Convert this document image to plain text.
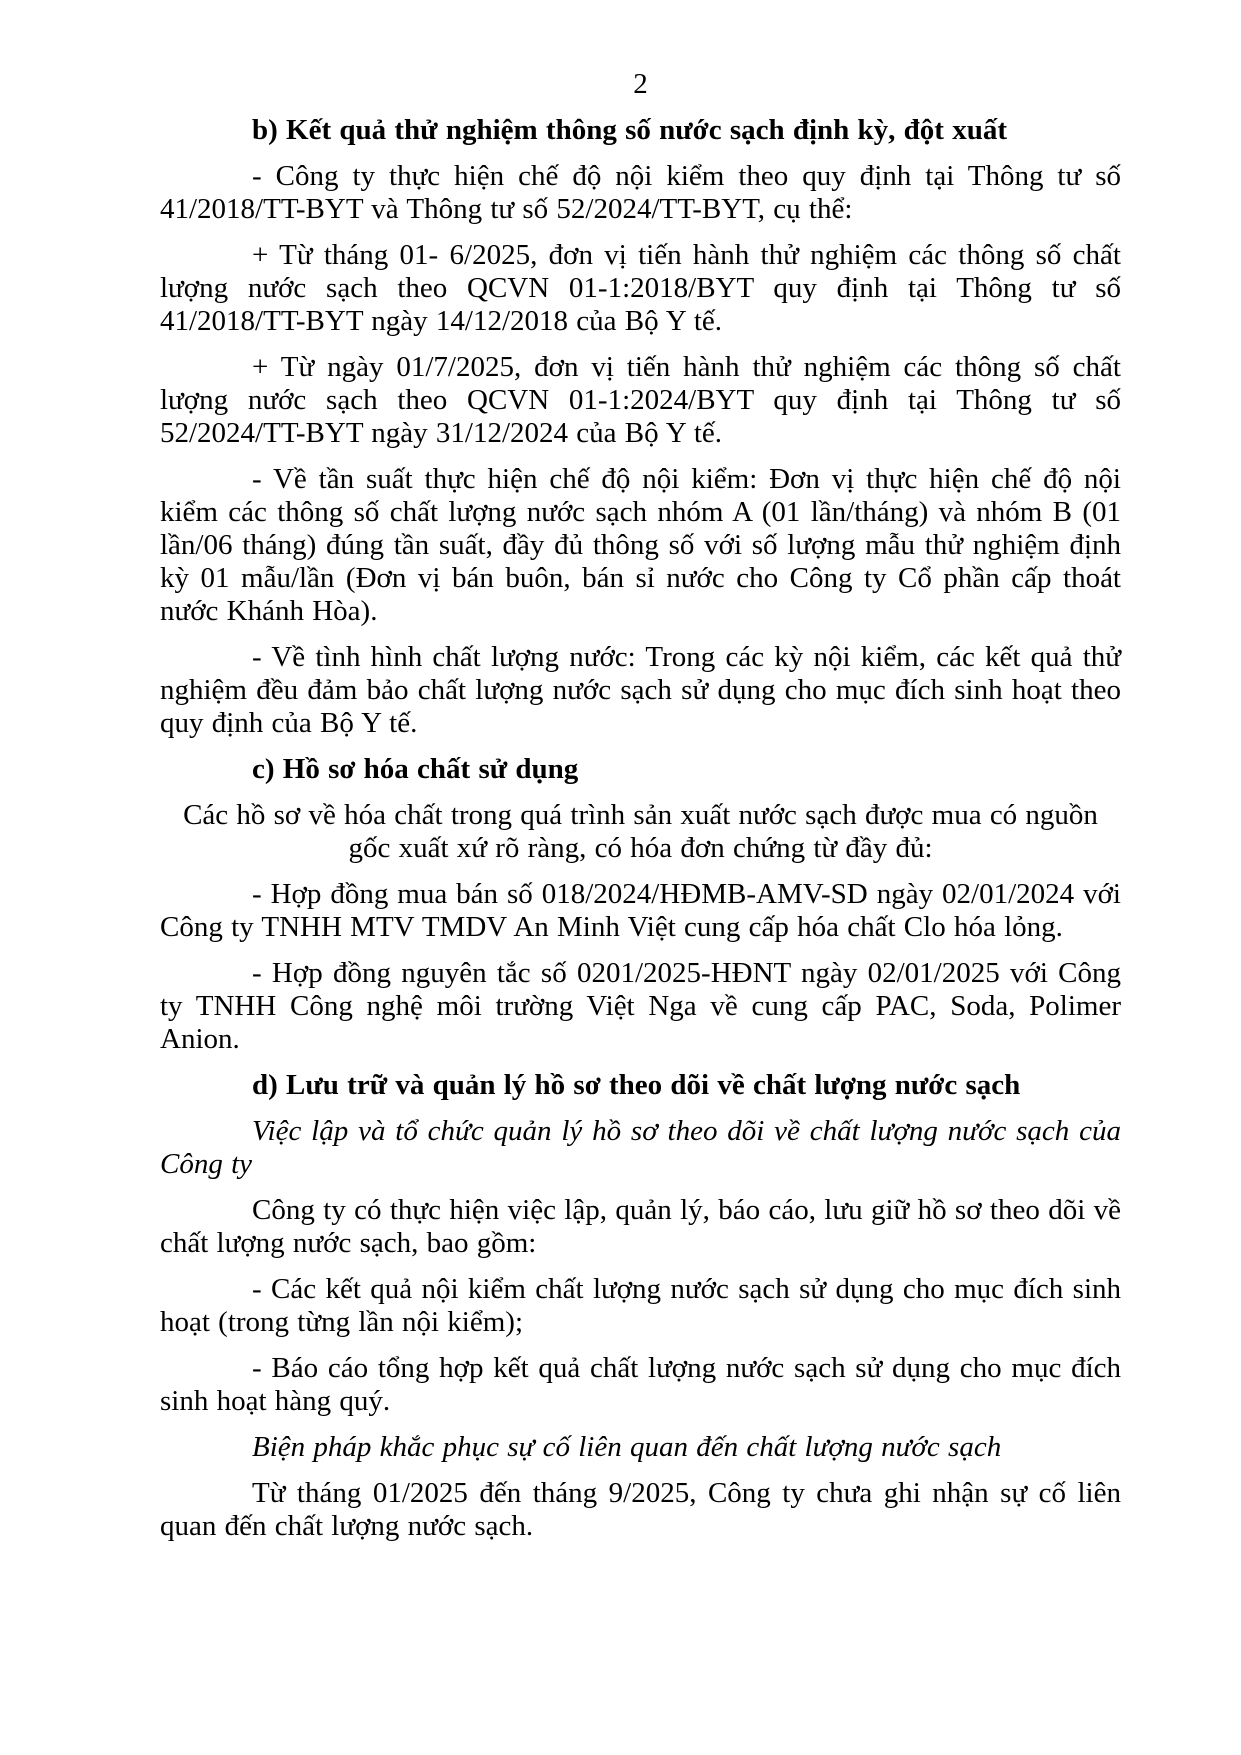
2

b) Kết quả thử nghiệm thông số nước sạch định kỳ, đột xuất

- Công ty thực hiện chế độ nội kiểm theo quy định tại Thông tư số 41/2018/TT-BYT và Thông tư số 52/2024/TT-BYT, cụ thể:

+ Từ tháng 01- 6/2025, đơn vị tiến hành thử nghiệm các thông số chất lượng nước sạch theo QCVN 01-1:2018/BYT quy định tại Thông tư số 41/2018/TT-BYT ngày 14/12/2018 của Bộ Y tế.

+ Từ ngày 01/7/2025, đơn vị tiến hành thử nghiệm các thông số chất lượng nước sạch theo QCVN 01-1:2024/BYT quy định tại Thông tư số 52/2024/TT-BYT ngày 31/12/2024 của Bộ Y tế.

- Về tần suất thực hiện chế độ nội kiểm: Đơn vị thực hiện chế độ nội kiểm các thông số chất lượng nước sạch nhóm A (01 lần/tháng) và nhóm B (01 lần/06 tháng) đúng tần suất, đầy đủ thông số với số lượng mẫu thử nghiệm định kỳ 01 mẫu/lần (Đơn vị bán buôn, bán sỉ nước cho Công ty Cổ phần cấp thoát nước Khánh Hòa).

- Về tình hình chất lượng nước: Trong các kỳ nội kiểm, các kết quả thử nghiệm đều đảm bảo chất lượng nước sạch sử dụng cho mục đích sinh hoạt theo quy định của Bộ Y tế.

c) Hồ sơ hóa chất sử dụng

Các hồ sơ về hóa chất trong quá trình sản xuất nước sạch được mua có nguồn gốc xuất xứ rõ ràng, có hóa đơn chứng từ đầy đủ:

- Hợp đồng mua bán số 018/2024/HĐMB-AMV-SD ngày 02/01/2024 với Công ty TNHH MTV TMDV An Minh Việt cung cấp hóa chất Clo hóa lỏng.

- Hợp đồng nguyên tắc số 0201/2025-HĐNT ngày 02/01/2025 với Công ty TNHH Công nghệ môi trường Việt Nga về cung cấp PAC, Soda, Polimer Anion.

d) Lưu trữ và quản lý hồ sơ theo dõi về chất lượng nước sạch

Việc lập và tổ chức quản lý hồ sơ theo dõi về chất lượng nước sạch của Công ty

Công ty có thực hiện việc lập, quản lý, báo cáo, lưu giữ hồ sơ theo dõi về chất lượng nước sạch, bao gồm:

- Các kết quả nội kiểm chất lượng nước sạch sử dụng cho mục đích sinh hoạt (trong từng lần nội kiểm);

- Báo cáo tổng hợp kết quả chất lượng nước sạch sử dụng cho mục đích sinh hoạt hàng quý.

Biện pháp khắc phục sự cố liên quan đến chất lượng nước sạch

Từ tháng 01/2025 đến tháng 9/2025, Công ty chưa ghi nhận sự cố liên quan đến chất lượng nước sạch.
